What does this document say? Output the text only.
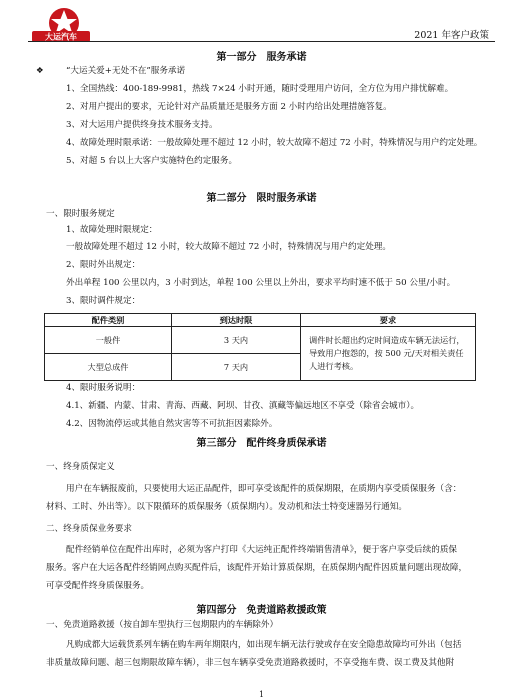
大运汽车	2021 年客户政策
第一部分　服务承诺
❖	“大运关爱+无处不在”服务承诺
1、全国热线：400-189-9981，热线 7×24 小时开通，随时受理用户访问，全方位为用户排忧解难。
2、对用户提出的要求，无论针对产品质量还是服务方面 2 小时内给出处理措施答复。
3、对大运用户提供终身技术服务支持。
4、故障处理时限承诺：一般故障处理不超过 12 小时，较大故障不超过 72 小时，特殊情况与用户约定处理。
5、对超 5 台以上大客户实施特色约定服务。
第二部分　限时服务承诺
一、限时服务规定
1、故障处理时限规定：
一般故障处理不超过 12 小时，较大故障不超过 72 小时，特殊情况与用户约定处理。
2、限时外出规定：
外出单程 100 公里以内，3 小时到达，单程 100 公里以上外出，要求平均时速不低于 50 公里/小时。
3、限时调件规定：
配件类别	到达时限	要求
一般件	3 天内	调件时长超出约定时间造成车辆无法运行，导致用户抱怨的，按 500 元/天对相关责任人进行考核。
大型总成件	7 天内	
4、限时服务说明：
4.1、新疆、内蒙、甘肃、青海、西藏、阿坝、甘孜、滇藏等偏远地区不享受（除省会城市）。
4.2、因物流停运或其他自然灾害等不可抗拒因素除外。
第三部分　配件终身质保承诺
一、终身质保定义
用户在车辆报废前，只要使用大运正品配件，即可享受该配件的质保期限，在质期内享受质保服务（含：
材料、工时、外出等）。以下限循环的质保服务（质保期内）。发动机和法士特变速器另行通知。
二、终身质保业务要求
配件经销单位在配件出库时，必须为客户打印《大运纯正配件终端销售清单》，便于客户享受后续的质保
服务。客户在大运各配件经销网点购买配件后，该配件开始计算质保期，在质保期内配件因质量问题出现故障，
可享受配件终身质保服务。
第四部分　免责道路救援政策
一、免责道路救援（按自卸车型执行三包期限内的车辆除外）
凡购成都大运载货系列车辆在购车两年期限内，如出现车辆无法行驶或存在安全隐患故障均可外出（包括
非质量故障问题、超三包期限故障车辆），非三包车辆享受免责道路救援时，不享受拖车费、误工费及其他附
1
